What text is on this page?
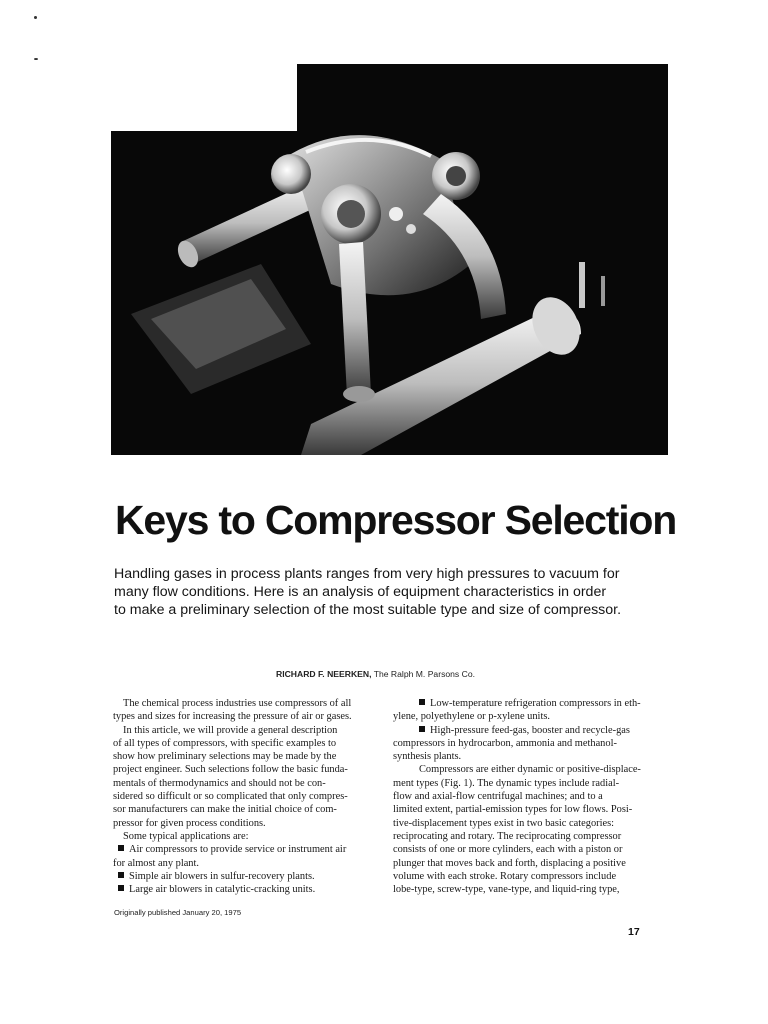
Keys to Compressor Selection

Handling gases in process plants ranges from very high pressures to vacuum for
many flow conditions. Here is an analysis of equipment characteristics in order
to make a preliminary selection of the most suitable type and size of compressor.

RICHARD F. NEERKEN, The Ralph M. Parsons Co.

The chemical process industries use compressors of all
types and sizes for increasing the pressure of air or gases.
In this article, we will provide a general description
of all types of compressors, with specific examples to
show how preliminary selections may be made by the
project engineer. Such selections follow the basic funda-
mentals of thermodynamics and should not be con-
sidered so difficult or so complicated that only compres-
sor manufacturers can make the initial choice of com-
pressor for given process conditions.
Some typical applications are:
Air compressors to provide service or instrument air
for almost any plant.
Simple air blowers in sulfur-recovery plants.
Large air blowers in catalytic-cracking units.
Low-temperature refrigeration compressors in eth-
ylene, polyethylene or p-xylene units.
High-pressure feed-gas, booster and recycle-gas
compressors in hydrocarbon, ammonia and methanol-
synthesis plants.
Compressors are either dynamic or positive-displace-
ment types (Fig. 1). The dynamic types include radial-
flow and axial-flow centrifugal machines; and to a
limited extent, partial-emission types for low flows. Posi-
tive-displacement types exist in two basic categories:
reciprocating and rotary. The reciprocating compressor
consists of one or more cylinders, each with a piston or
plunger that moves back and forth, displacing a positive
volume with each stroke. Rotary compressors include
lobe-type, screw-type, vane-type, and liquid-ring type,
Originally published January 20, 1975
17
